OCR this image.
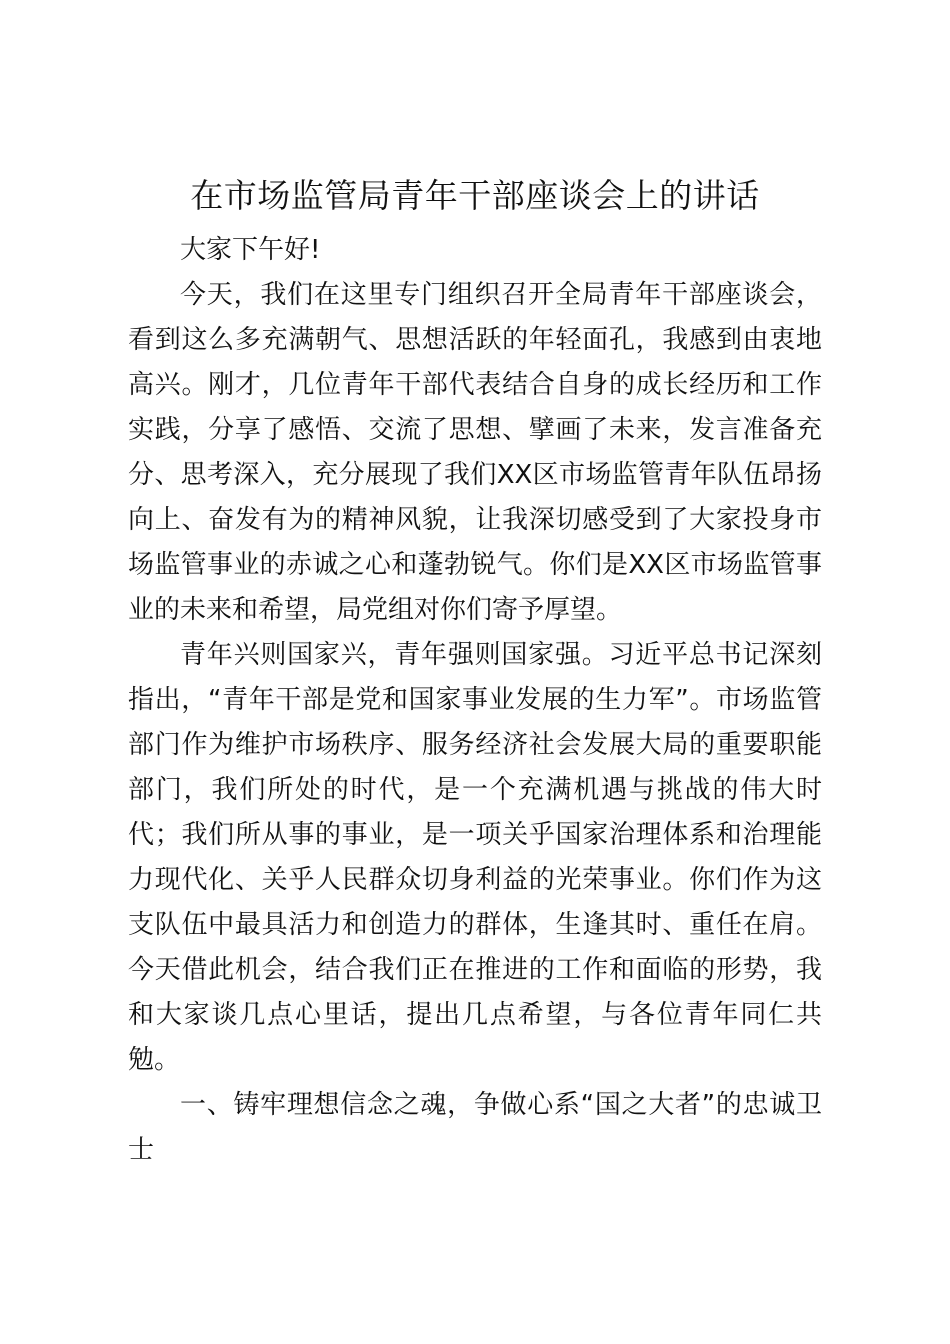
在市场监管局青年干部座谈会上的讲话

大家下午好!

今天，我们在这里专门组织召开全局青年干部座谈会，看到这么多充满朝气、思想活跃的年轻面孔，我感到由衷地高兴。刚才，几位青年干部代表结合自身的成长经历和工作实践，分享了感悟、交流了思想、擘画了未来，发言准备充分、思考深入，充分展现了我们XX区市场监管青年队伍昂扬向上、奋发有为的精神风貌，让我深切感受到了大家投身市场监管事业的赤诚之心和蓬勃锐气。你们是XX区市场监管事业的未来和希望，局党组对你们寄予厚望。

青年兴则国家兴，青年强则国家强。习近平总书记深刻指出，“青年干部是党和国家事业发展的生力军”。市场监管部门作为维护市场秩序、服务经济社会发展大局的重要职能部门，我们所处的时代，是一个充满机遇与挑战的伟大时代；我们所从事的事业，是一项关乎国家治理体系和治理能力现代化、关乎人民群众切身利益的光荣事业。你们作为这支队伍中最具活力和创造力的群体，生逢其时、重任在肩。今天借此机会，结合我们正在推进的工作和面临的形势，我和大家谈几点心里话，提出几点希望，与各位青年同仁共勉。

一、铸牢理想信念之魂，争做心系“国之大者”的忠诚卫士
